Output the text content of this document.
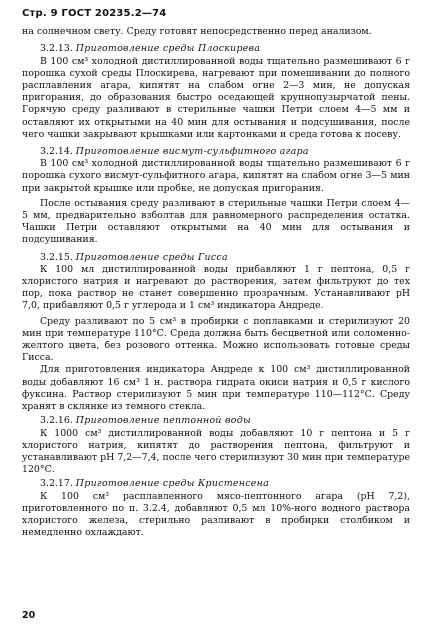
Стр. 9 ГОСТ 20235.2—74

на солнечном свету. Среду готовят непосредственно перед анализом.

3.2.13. Приготовление среды Плоскирева

В 100 см³ холодной дистиллированной воды тщательно размешивают 6 г порошка сухой среды Плоскирева, нагревают при помешивании до полного расплавления агара, кипятят на слабом огне 2—3 мин, не допуская пригорания, до образования быстро оседающей крупнопузырчатой пены. Горячую среду разливают в стерильные чашки Петри слоем 4—5 мм и оставляют их открытыми на 40 мин для остывания и подсушивания, после чего чашки закрывают крышками или картонками и среда готова к посеву.

3.2.14. Приготовление висмут-сульфитного агара

В 100 см³ холодной дистиллированной воды тщательно размешивают 6 г порошка сухого висмут-сульфитного агара, кипятят на слабом огне 3—5 мин при закрытой крышке или пробке, не допуская пригорания.

После остывания среду разливают в стерильные чашки Петри слоем 4—5 мм, предварительно взболтав для равномерного распределения остатка. Чашки Петри оставляют открытыми на 40 мин для остывания и подсушивания.

3.2.15. Приготовление среды Гисса

К 100 мл дистиллированной воды прибавляют 1 г пептона, 0,5 г хлористого натрия и нагревают до растворения, затем фильтруют до тех пор, пока раствор не станет совершенно прозрачным. Устанавливают рН 7,0, прибавляют 0,5 г углерода и 1 см³ индикатора Андреде.

Среду разливают по 5 см³ в пробирки с поплавками и стерилизуют 20 мин при температуре 110°С. Среда должна быть бесцветной или соломенно-желтого цвета, без розового оттенка. Можно использовать готовые среды Гисса.

Для приготовления индикатора Андреде к 100 см³ дистиллированной воды добавляют 16 см³ 1 н. раствора гидрата окиси натрия и 0,5 г кислого фуксина. Раствор стерилизуют 5 мин при температуре 110—112°С. Среду хранят в склянке из темного стекла.

3.2.16. Приготовление пептонной воды

К 1000 см³ дистиллированной воды добавляют 10 г пептона и 5 г хлористого натрия, кипятят до растворения пептона, фильтруют и устанавливают рН 7,2—7,4, после чего стерилизуют 30 мин при температуре 120°С.

3.2.17. Приготовление среды Кристенсена

К 100 см³ расплавленного мясо-пептонного агара (рН 7,2), приготовленного по п. 3.2.4, добавляют 0,5 мл 10%-ного водного раствора хлористого железа, стерильно разливают в пробирки столбиком и немедленно охлаждают.

20
